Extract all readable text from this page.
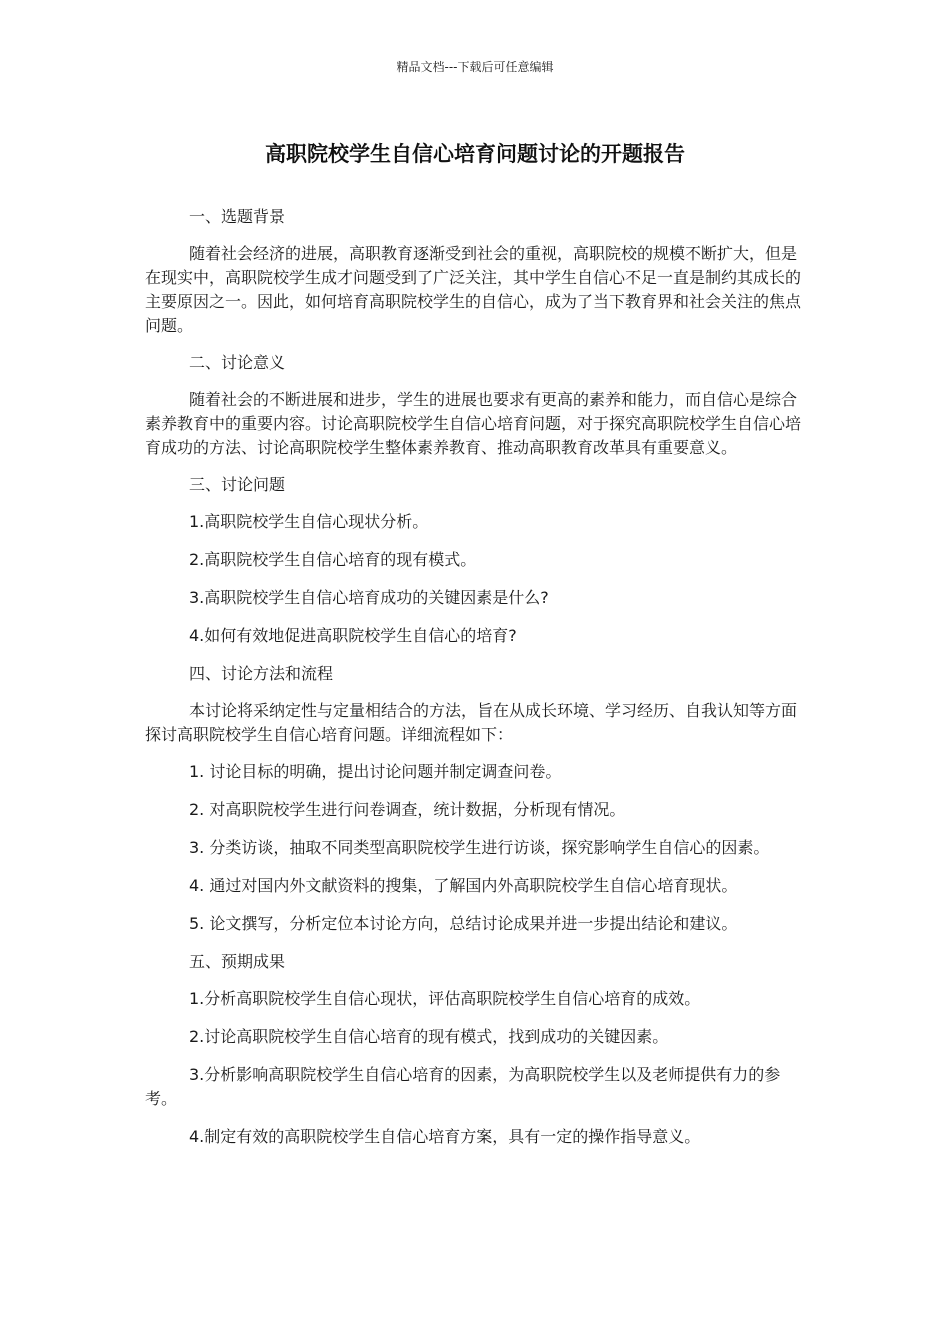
精品文档---下载后可任意编辑
高职院校学生自信心培育问题讨论的开题报告

一、选题背景

随着社会经济的进展，高职教育逐渐受到社会的重视，高职院校的规模不断扩大，但是在现实中，高职院校学生成才问题受到了广泛关注，其中学生自信心不足一直是制约其成长的主要原因之一。因此，如何培育高职院校学生的自信心，成为了当下教育界和社会关注的焦点问题。

二、讨论意义

随着社会的不断进展和进步，学生的进展也要求有更高的素养和能力，而自信心是综合素养教育中的重要内容。讨论高职院校学生自信心培育问题，对于探究高职院校学生自信心培育成功的方法、讨论高职院校学生整体素养教育、推动高职教育改革具有重要意义。

三、讨论问题

1.高职院校学生自信心现状分析。

2.高职院校学生自信心培育的现有模式。

3.高职院校学生自信心培育成功的关键因素是什么?

4.如何有效地促进高职院校学生自信心的培育?

四、讨论方法和流程

本讨论将采纳定性与定量相结合的方法，旨在从成长环境、学习经历、自我认知等方面探讨高职院校学生自信心培育问题。详细流程如下：

1. 讨论目标的明确，提出讨论问题并制定调查问卷。

2. 对高职院校学生进行问卷调查，统计数据，分析现有情况。

3. 分类访谈，抽取不同类型高职院校学生进行访谈，探究影响学生自信心的因素。

4. 通过对国内外文献资料的搜集，了解国内外高职院校学生自信心培育现状。

5. 论文撰写，分析定位本讨论方向，总结讨论成果并进一步提出结论和建议。

五、预期成果

1.分析高职院校学生自信心现状，评估高职院校学生自信心培育的成效。

2.讨论高职院校学生自信心培育的现有模式，找到成功的关键因素。

3.分析影响高职院校学生自信心培育的因素，为高职院校学生以及老师提供有力的参考。

4.制定有效的高职院校学生自信心培育方案，具有一定的操作指导意义。
